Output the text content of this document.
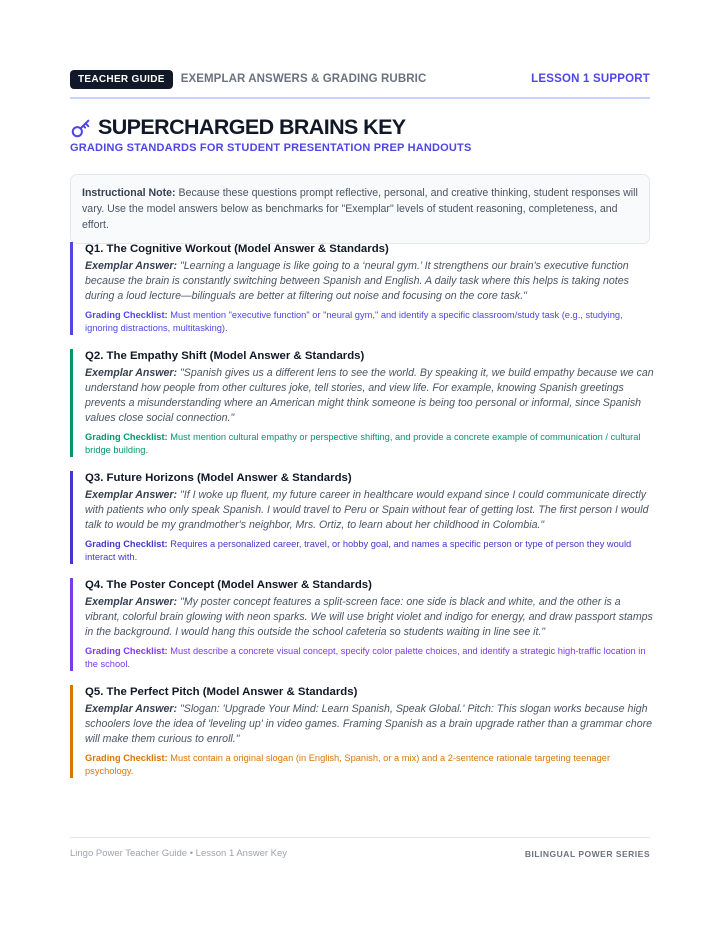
TEACHER GUIDE	EXEMPLAR ANSWERS & GRADING RUBRIC	LESSON 1 SUPPORT
SUPERCHARGED BRAINS KEY
GRADING STANDARDS FOR STUDENT PRESENTATION PREP HANDOUTS
Instructional Note: Because these questions prompt reflective, personal, and creative thinking, student responses will vary. Use the model answers below as benchmarks for "Exemplar" levels of student reasoning, completeness, and effort.
Q1. The Cognitive Workout (Model Answer & Standards)
Exemplar Answer: "Learning a language is like going to a ‘neural gym.’ It strengthens our brain's executive function because the brain is constantly switching between Spanish and English. A daily task where this helps is taking notes during a loud lecture—bilinguals are better at filtering out noise and focusing on the core task."
Grading Checklist: Must mention "executive function" or "neural gym," and identify a specific classroom/study task (e.g., studying, ignoring distractions, multitasking).
Q2. The Empathy Shift (Model Answer & Standards)
Exemplar Answer: "Spanish gives us a different lens to see the world. By speaking it, we build empathy because we can understand how people from other cultures joke, tell stories, and view life. For example, knowing Spanish greetings prevents a misunderstanding where an American might think someone is being too personal or informal, since Spanish values close social connection."
Grading Checklist: Must mention cultural empathy or perspective shifting, and provide a concrete example of communication / cultural bridge building.
Q3. Future Horizons (Model Answer & Standards)
Exemplar Answer: "If I woke up fluent, my future career in healthcare would expand since I could communicate directly with patients who only speak Spanish. I would travel to Peru or Spain without fear of getting lost. The first person I would talk to would be my grandmother's neighbor, Mrs. Ortiz, to learn about her childhood in Colombia."
Grading Checklist: Requires a personalized career, travel, or hobby goal, and names a specific person or type of person they would interact with.
Q4. The Poster Concept (Model Answer & Standards)
Exemplar Answer: "My poster concept features a split-screen face: one side is black and white, and the other is a vibrant, colorful brain glowing with neon sparks. We will use bright violet and indigo for energy, and draw passport stamps in the background. I would hang this outside the school cafeteria so students waiting in line see it."
Grading Checklist: Must describe a concrete visual concept, specify color palette choices, and identify a strategic high-traffic location in the school.
Q5. The Perfect Pitch (Model Answer & Standards)
Exemplar Answer: "Slogan: 'Upgrade Your Mind: Learn Spanish, Speak Global.' Pitch: This slogan works because high schoolers love the idea of 'leveling up' in video games. Framing Spanish as a brain upgrade rather than a grammar chore will make them curious to enroll."
Grading Checklist: Must contain a original slogan (in English, Spanish, or a mix) and a 2-sentence rationale targeting teenager psychology.
Lingo Power Teacher Guide • Lesson 1 Answer Key	BILINGUAL POWER SERIES
